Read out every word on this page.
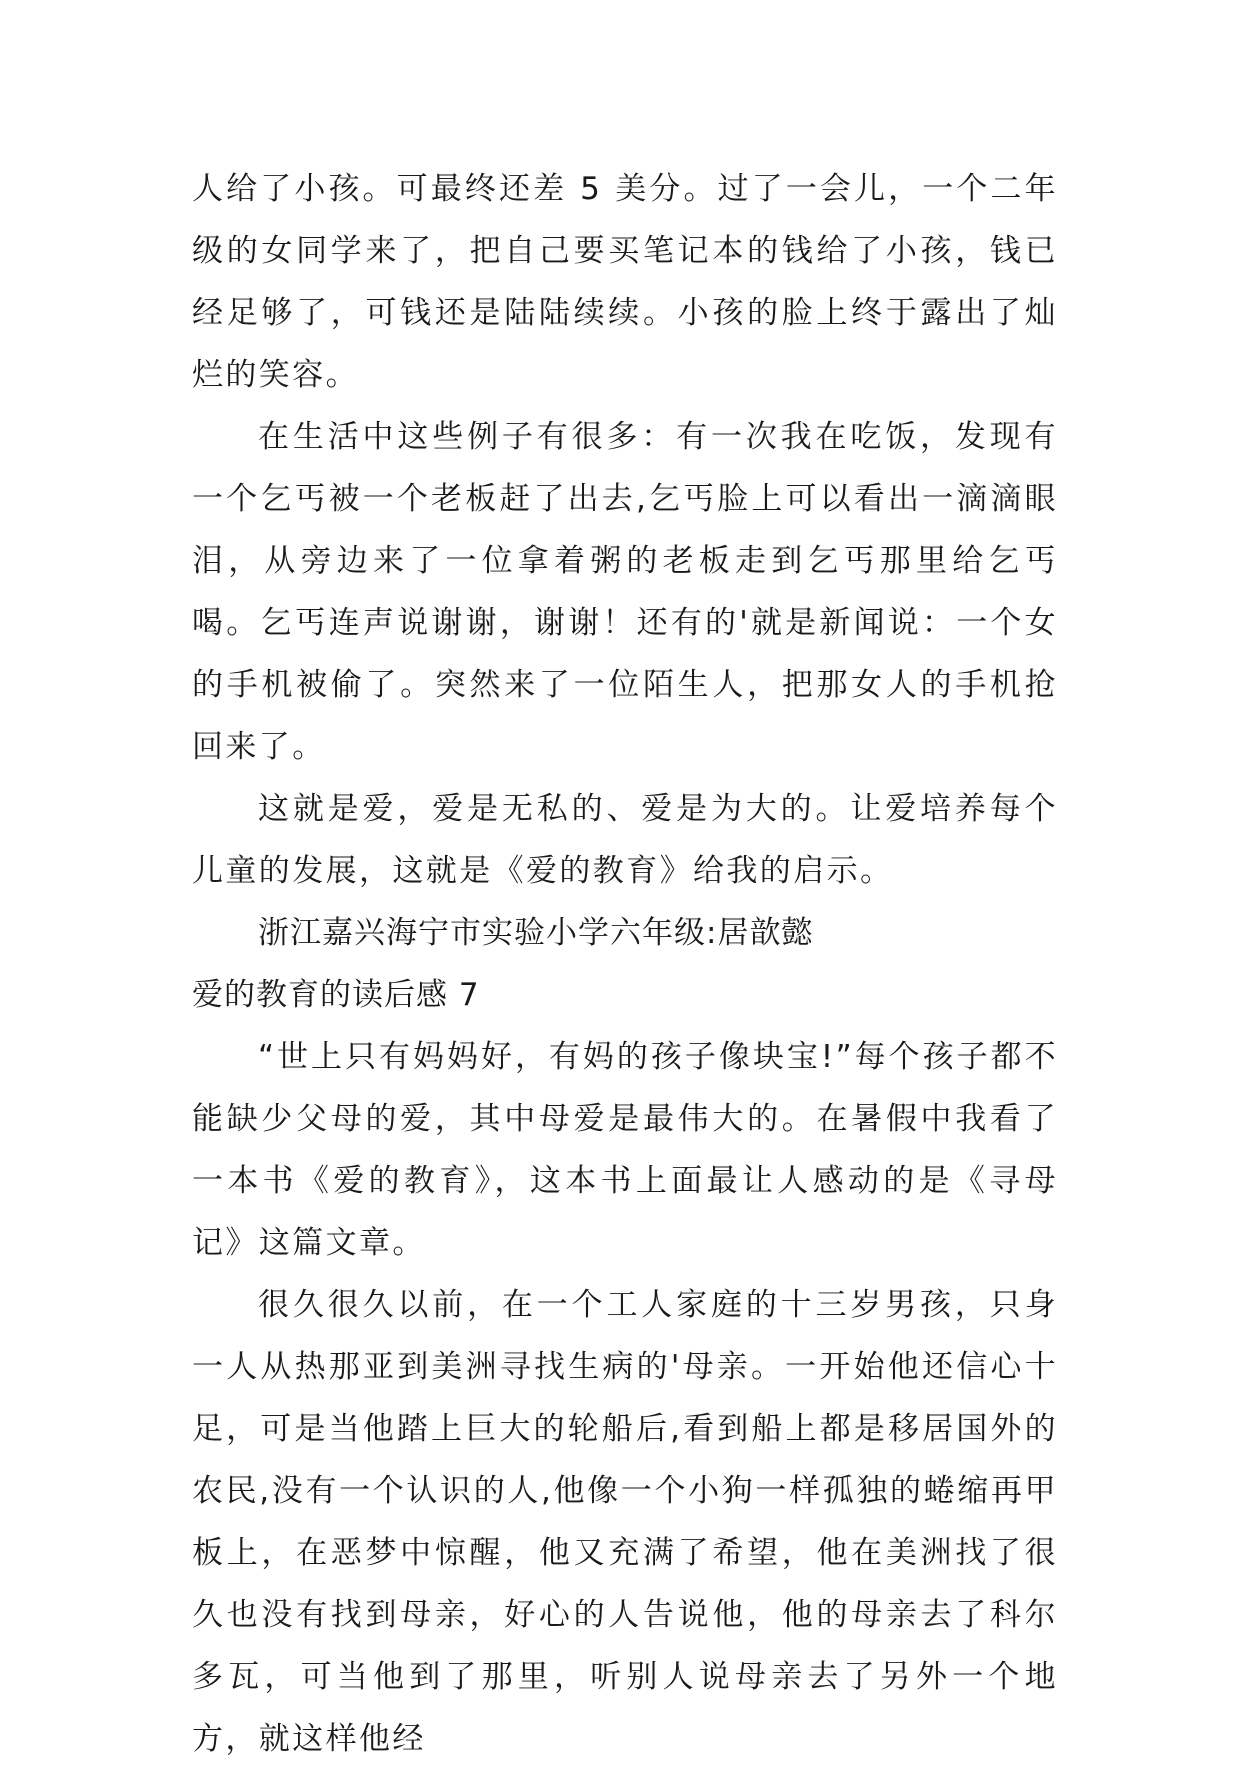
人给了小孩。可最终还差 5 美分。过了一会儿，一个二年级的女同学来了，把自己要买笔记本的钱给了小孩，钱已经足够了，可钱还是陆陆续续。小孩的脸上终于露出了灿烂的笑容。

在生活中这些例子有很多：有一次我在吃饭，发现有一个乞丐被一个老板赶了出去,乞丐脸上可以看出一滴滴眼泪，从旁边来了一位拿着粥的老板走到乞丐那里给乞丐喝。乞丐连声说谢谢，谢谢！还有的'就是新闻说：一个女的手机被偷了。突然来了一位陌生人，把那女人的手机抢回来了。

这就是爱，爱是无私的、爱是为大的。让爱培养每个儿童的发展，这就是《爱的教育》给我的启示。

浙江嘉兴海宁市实验小学六年级:居歆懿

爱的教育的读后感 7

“世上只有妈妈好，有妈的孩子像块宝!”每个孩子都不能缺少父母的爱，其中母爱是最伟大的。在暑假中我看了一本书《爱的教育》，这本书上面最让人感动的是《寻母记》这篇文章。

很久很久以前，在一个工人家庭的十三岁男孩，只身一人从热那亚到美洲寻找生病的'母亲。一开始他还信心十足，可是当他踏上巨大的轮船后,看到船上都是移居国外的农民,没有一个认识的人,他像一个小狗一样孤独的蜷缩再甲板上，在恶梦中惊醒，他又充满了希望，他在美洲找了很久也没有找到母亲，好心的人告说他，他的母亲去了科尔多瓦，可当他到了那里，听别人说母亲去了另外一个地方，就这样他经
